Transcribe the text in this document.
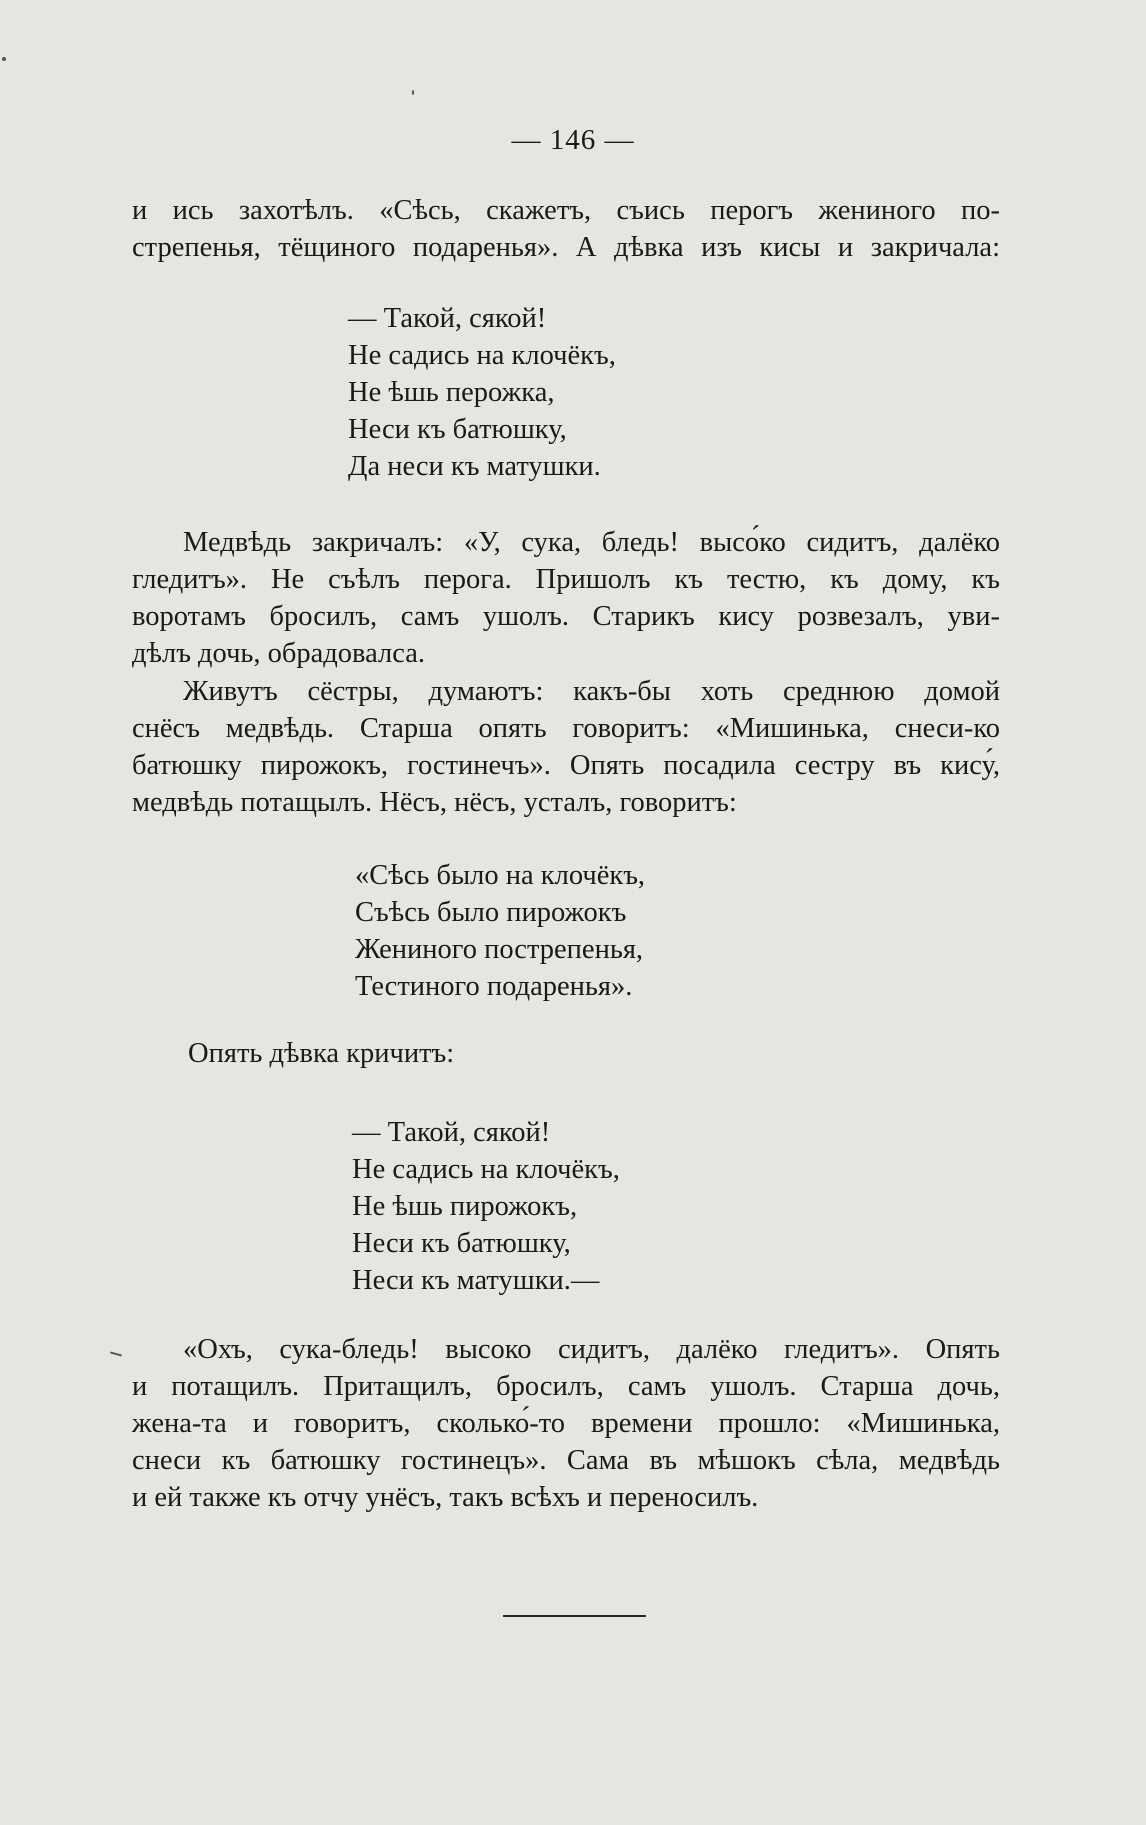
— 146 —
и ись захотѣлъ. «Сѣсь, скажетъ, съись перогъ жениного по-
стрепенья, тёщиного подаренья». А дѣвка изъ кисы и закричала:
— Такой, сякой!
Не садись на клочёкъ,
Не ѣшь перожка,
Неси къ батюшку,
Да неси къ матушки.
Медвѣдь закричалъ: «У, сука, бледь! высо́ко сидитъ, далёко
гледитъ». Не съѣлъ перога. Пришолъ къ тестю, къ дому, къ
воротамъ бросилъ, самъ ушолъ. Старикъ кису розвезалъ, уви-
дѣлъ дочь, обрадовалса.
Живутъ сёстры, думаютъ: какъ-бы хоть среднюю домой
снёсъ медвѣдь. Старша опять говоритъ: «Мишинька, снеси-ко
батюшку пирожокъ, гостинечъ». Опять посадила сестру въ кису́,
медвѣдь потащылъ. Нёсъ, нёсъ, усталъ, говоритъ:
«Сѣсь было на клочёкъ,
Съѣсь было пирожокъ
Жениного пострепенья,
Тестиного подаренья».
Опять дѣвка кричитъ:
— Такой, сякой!
Не садись на клочёкъ,
Не ѣшь пирожокъ,
Неси къ батюшку,
Неси къ матушки.—
«Охъ, сука-бледь! высоко сидитъ, далёко гледитъ». Опять
и потащилъ. Притащилъ, бросилъ, самъ ушолъ. Старша дочь,
жена-та и говоритъ, сколько́-то времени прошло: «Мишинька,
снеси къ батюшку гостинецъ». Сама въ мѣшокъ сѣла, медвѣдь
и ей также къ отчу унёсъ, такъ всѣхъ и переносилъ.
